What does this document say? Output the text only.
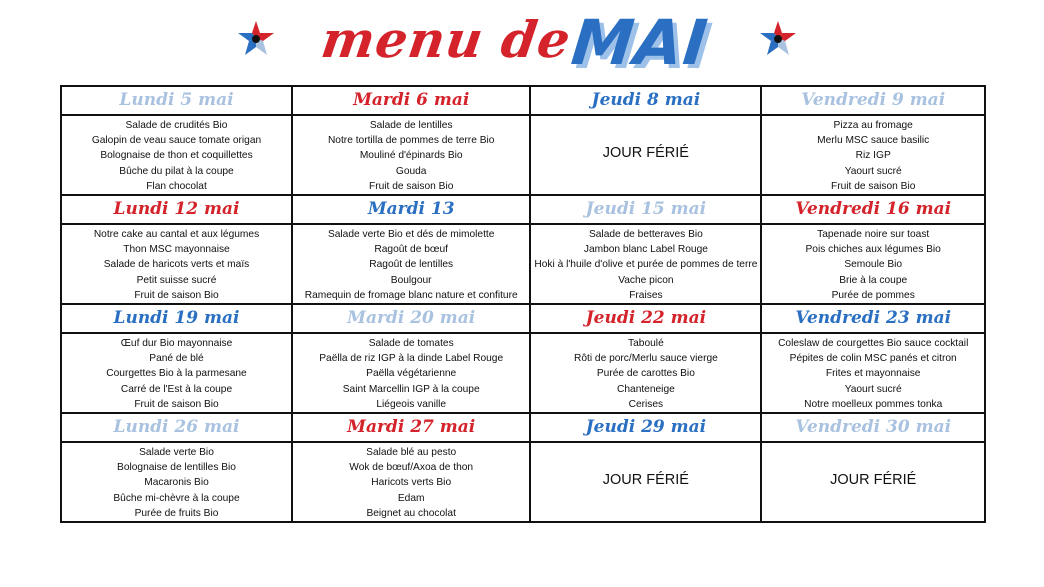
menu de
MAI
Lundi 5 mai	Mardi 6 mai	Jeudi 8 mai	Vendredi 9 mai

Salade de crudités Bio
Galopin de veau sauce tomate origan
Bolognaise de thon et coquillettes
Bûche du pilat à la coupe
Flan chocolat	Salade de lentilles
Notre tortilla de pommes de terre Bio
Mouliné d'épinards Bio
Gouda
Fruit de saison Bio	JOUR FÉRIÉ	Pizza au fromage
Merlu MSC sauce basilic
Riz IGP
Yaourt sucré
Fruit de saison Bio

Lundi 12 mai	Mardi 13	Jeudi 15 mai	Vendredi 16 mai

Notre cake au cantal et aux légumes
Thon MSC mayonnaise
Salade de haricots verts et maïs
Petit suisse sucré
Fruit de saison Bio	Salade verte Bio et dés de mimolette
Ragoût de bœuf
Ragoût de lentilles
Boulgour
Ramequin de fromage blanc nature et confiture	Salade de betteraves Bio
Jambon blanc Label Rouge
Hoki à l'huile d'olive et purée de pommes de terre
Vache picon
Fraises	Tapenade noire sur toast
Pois chiches aux légumes Bio
Semoule Bio
Brie à la coupe
Purée de pommes

Lundi 19 mai	Mardi 20 mai	Jeudi 22 mai	Vendredi 23 mai

Œuf dur Bio mayonnaise
Pané de blé
Courgettes Bio à la parmesane
Carré de l'Est à la coupe
Fruit de saison Bio	Salade de tomates
Paëlla de riz IGP à la dinde Label Rouge
Paëlla végétarienne
Saint Marcellin IGP à la coupe
Liégeois vanille	Taboulé
Rôti de porc/Merlu sauce vierge
Purée de carottes Bio
Chanteneige
Cerises	Coleslaw de courgettes Bio sauce cocktail
Pépites de colin MSC panés et citron
Frites et mayonnaise
Yaourt sucré
Notre moelleux pommes tonka

Lundi 26 mai	Mardi 27 mai	Jeudi 29 mai	Vendredi 30 mai

Salade verte Bio
Bolognaise de lentilles Bio
Macaronis Bio
Bûche mi-chèvre à la coupe
Purée de fruits Bio	Salade blé au pesto
Wok de bœuf/Axoa de thon
Haricots verts Bio
Edam
Beignet au chocolat	JOUR FÉRIÉ	JOUR FÉRIÉ
